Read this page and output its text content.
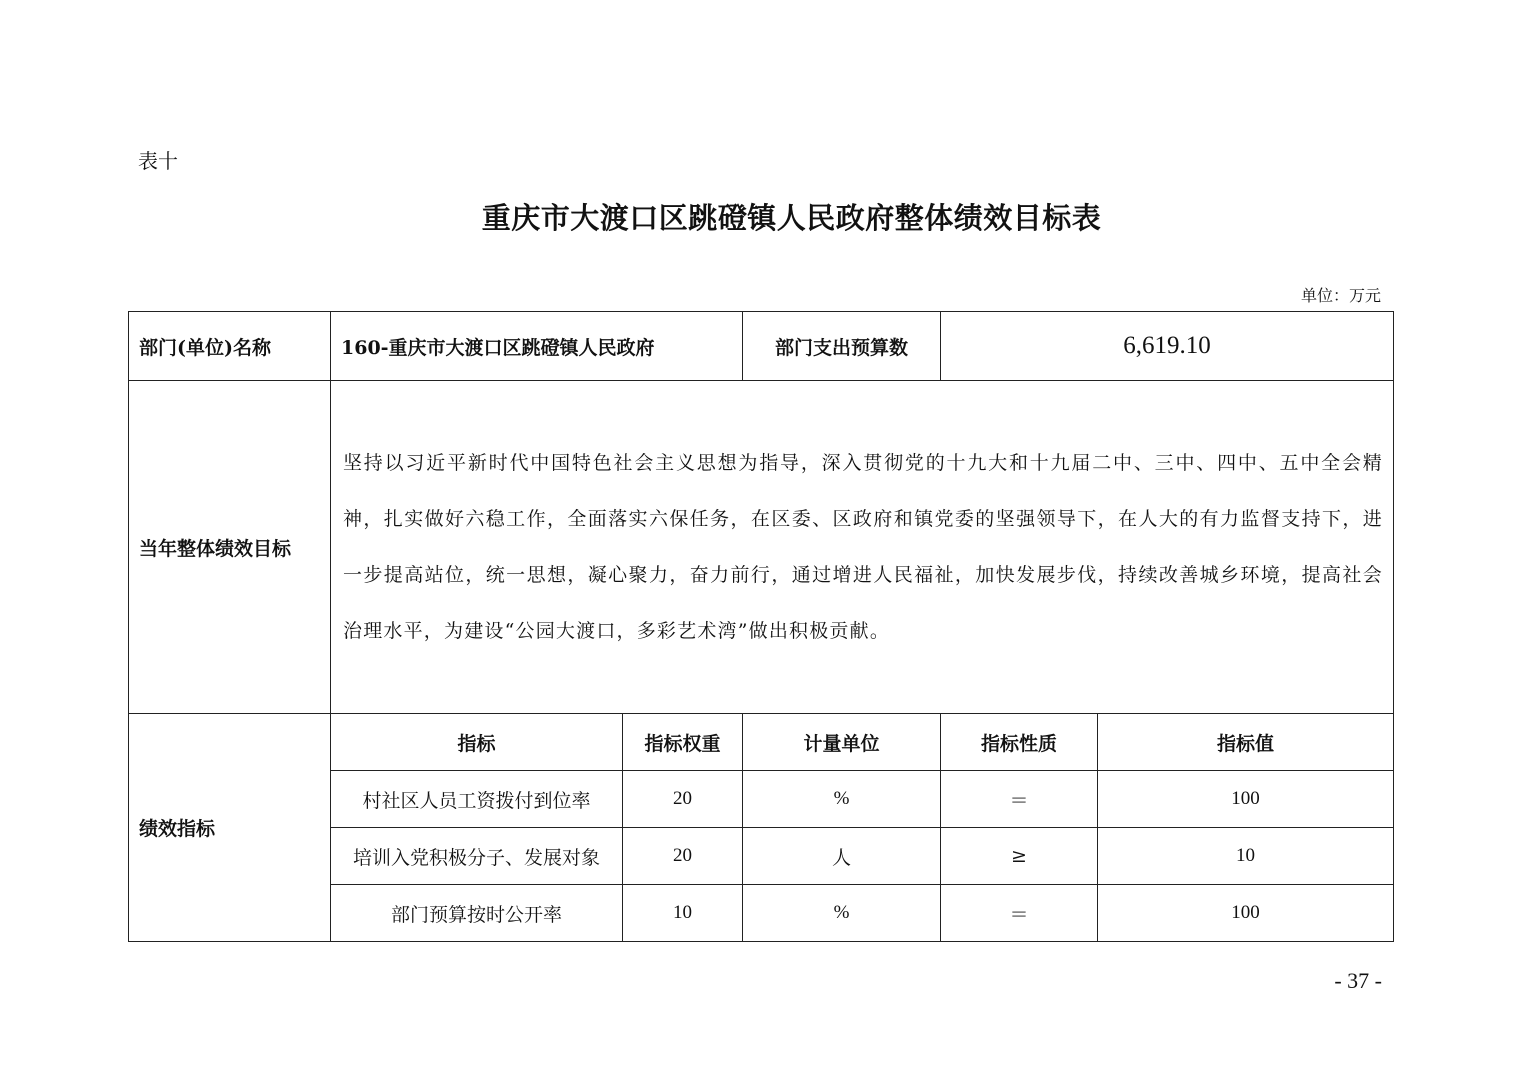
表十
重庆市大渡口区跳磴镇人民政府整体绩效目标表
单位：万元
部门(单位)名称	160-重庆市大渡口区跳磴镇人民政府		部门支出预算数	6,619.10	
当年整体绩效目标	坚持以习近平新时代中国特色社会主义思想为指导，深入贯彻党的十九大和十九届二中、三中、四中、五中全会精神，扎实做好六稳工作，全面落实六保任务，在区委、区政府和镇党委的坚强领导下，在人大的有力监督支持下，进一步提高站位，统一思想，凝心聚力，奋力前行，通过增进人民福祉，加快发展步伐，持续改善城乡环境，提高社会治理水平，为建设“公园大渡口，多彩艺术湾”做出积极贡献。				
绩效指标	指标	指标权重	计量单位	指标性质	指标值
	村社区人员工资拨付到位率	20	%	＝	100
	培训入党积极分子、发展对象	20	人	≥	10
	部门预算按时公开率	10	%	＝	100
- 37 -
